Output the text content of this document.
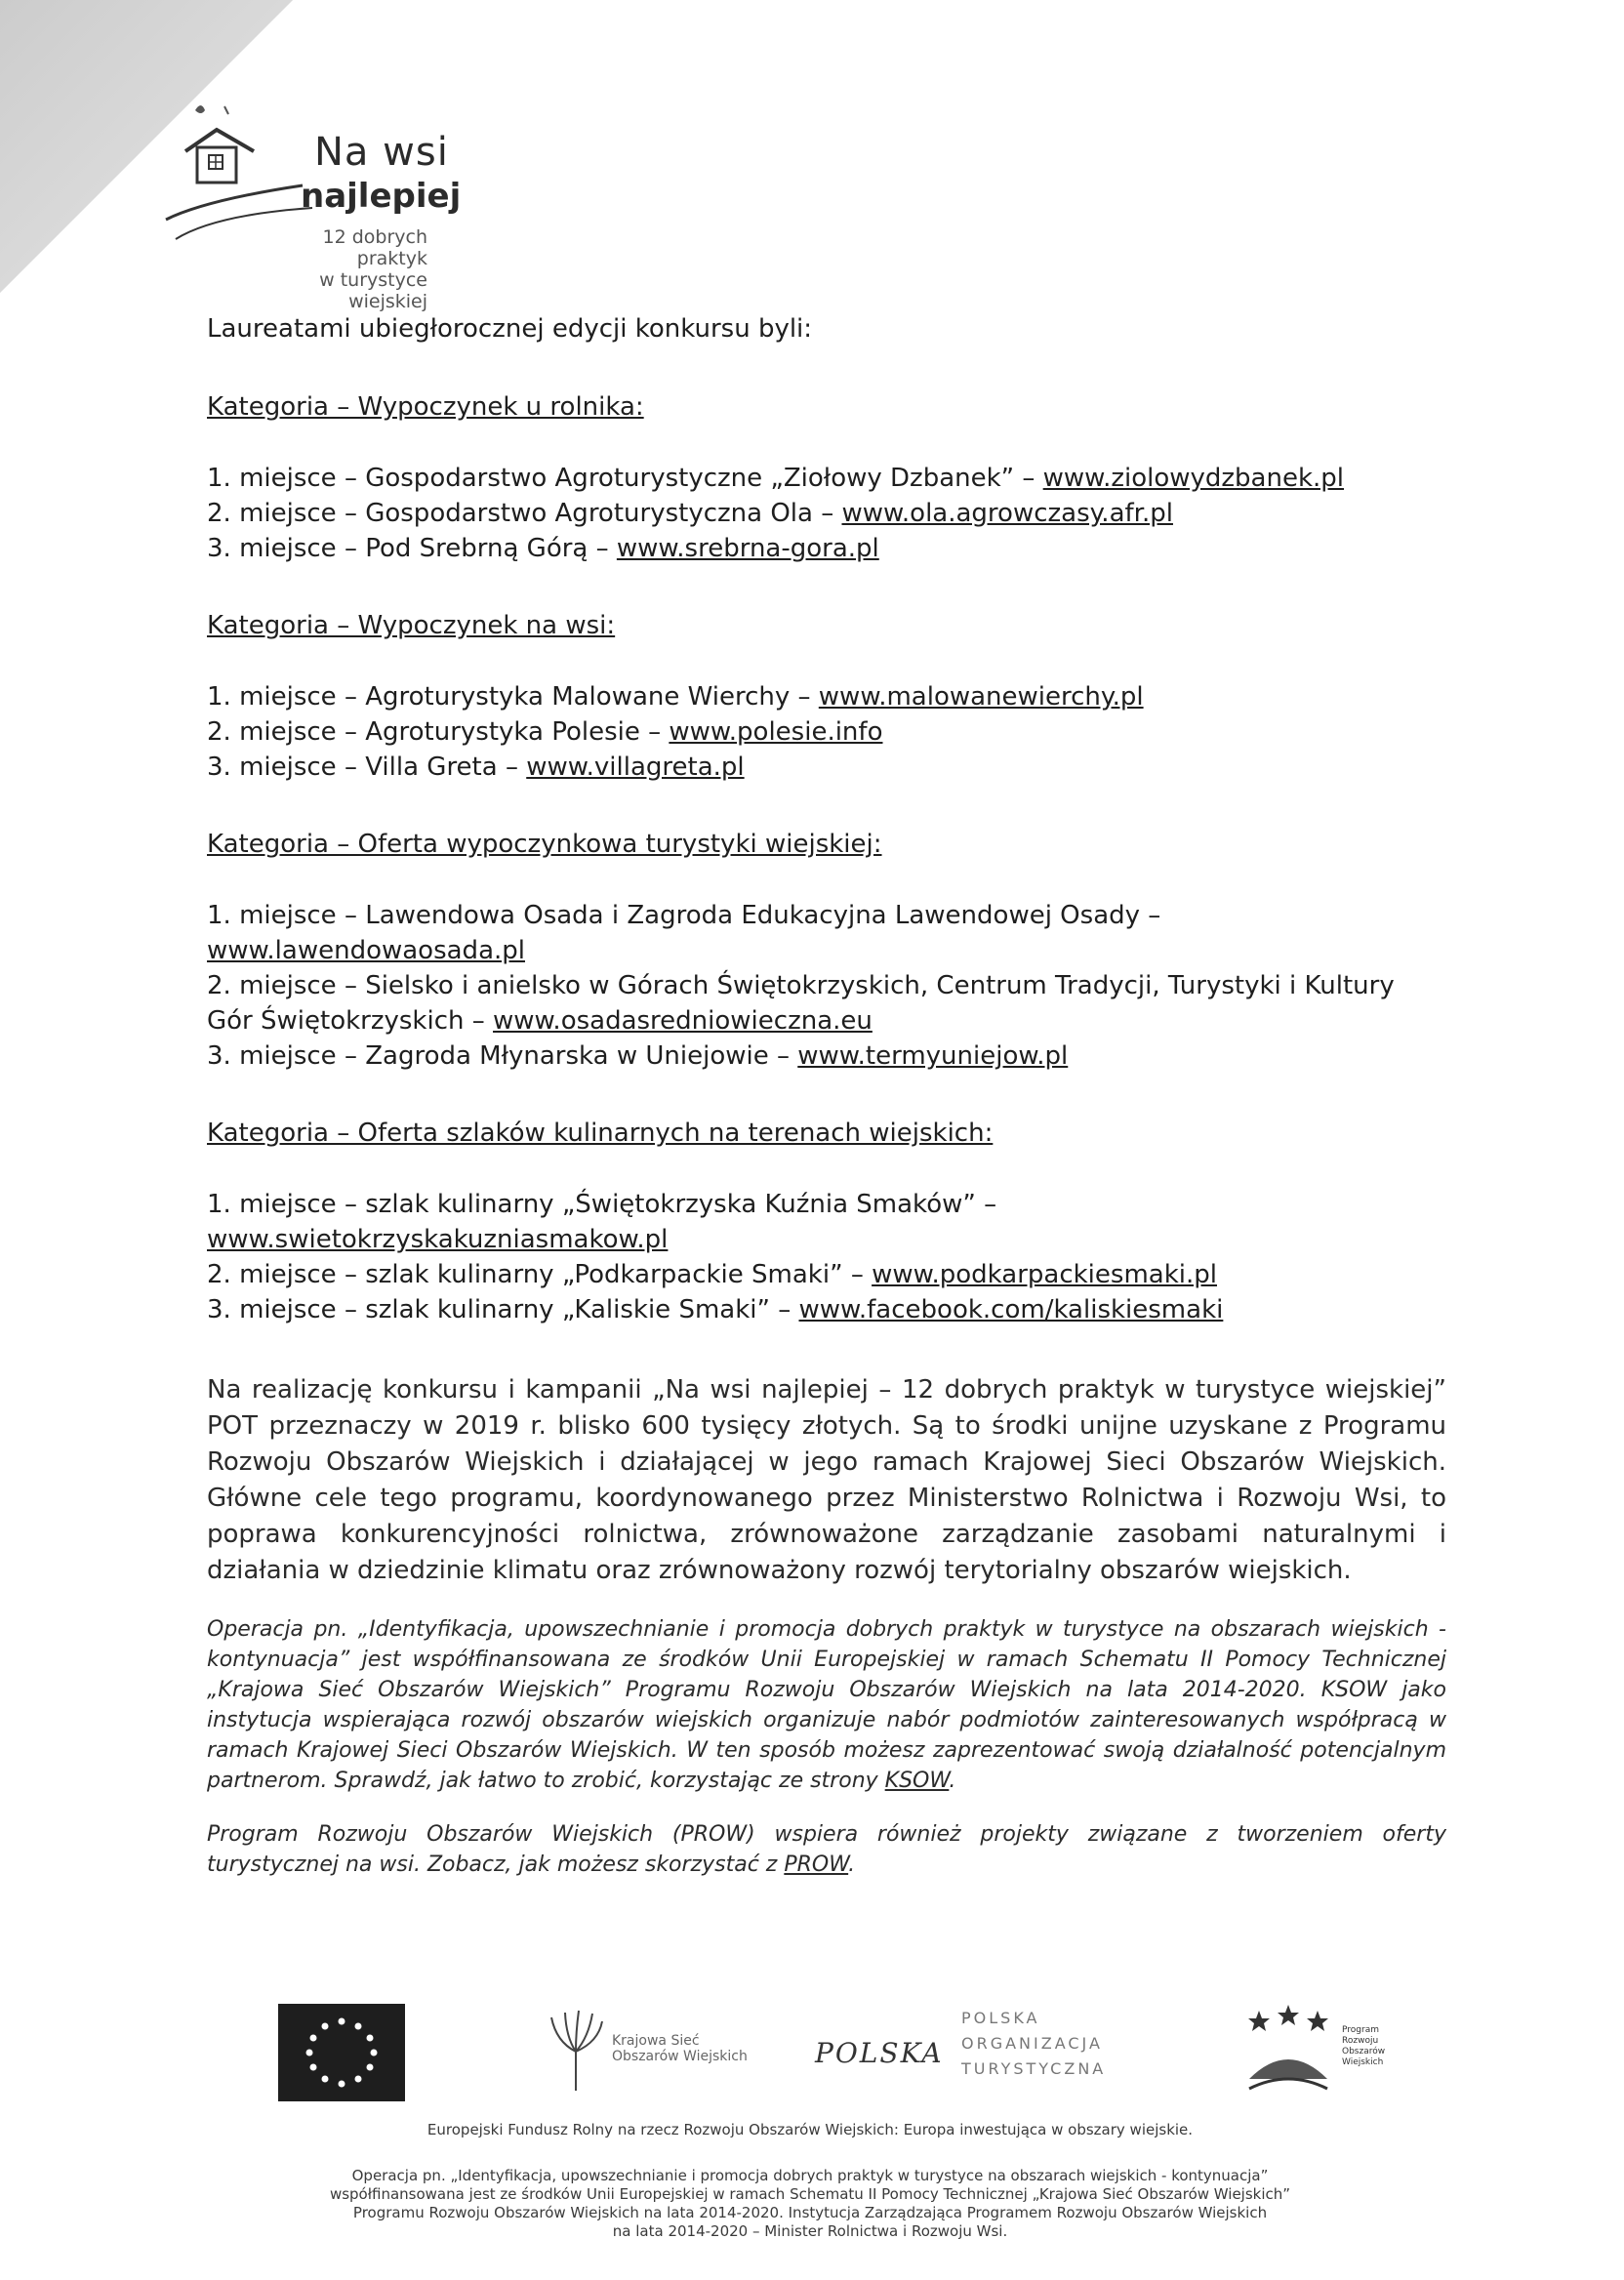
Na wsi
najlepiej
12 dobrych praktyk
w turystyce wiejskiej

Laureatami ubiegłorocznej edycji konkursu byli:

Kategoria – Wypoczynek u rolnika:

1. miejsce – Gospodarstwo Agroturystyczne „Ziołowy Dzbanek” – www.ziolowydzbanek.pl
2. miejsce – Gospodarstwo Agroturystyczna Ola – www.ola.agrowczasy.afr.pl
3. miejsce – Pod Srebrną Górą – www.srebrna-gora.pl

Kategoria – Wypoczynek na wsi:

1. miejsce – Agroturystyka Malowane Wierchy – www.malowanewierchy.pl
2. miejsce – Agroturystyka Polesie – www.polesie.info
3. miejsce – Villa Greta – www.villagreta.pl

Kategoria – Oferta wypoczynkowa turystyki wiejskiej:

1. miejsce – Lawendowa Osada i Zagroda Edukacyjna Lawendowej Osady – www.lawendowaosada.pl
2. miejsce – Sielsko i anielsko w Górach Świętokrzyskich, Centrum Tradycji, Turystyki i Kultury Gór Świętokrzyskich – www.osadasredniowieczna.eu
3. miejsce – Zagroda Młynarska w Uniejowie – www.termyuniejow.pl

Kategoria – Oferta szlaków kulinarnych na terenach wiejskich:

1. miejsce – szlak kulinarny „Świętokrzyska Kuźnia Smaków” – www.swietokrzyskakuzniasmakow.pl
2. miejsce – szlak kulinarny „Podkarpackie Smaki” – www.podkarpackiesmaki.pl
3. miejsce – szlak kulinarny „Kaliskie Smaki” – www.facebook.com/kaliskiesmaki

Na realizację konkursu i kampanii „Na wsi najlepiej – 12 dobrych praktyk w turystyce wiejskiej” POT przeznaczy w 2019 r. blisko 600 tysięcy złotych. Są to środki unijne uzyskane z Programu Rozwoju Obszarów Wiejskich i działającej w jego ramach Krajowej Sieci Obszarów Wiejskich. Główne cele tego programu, koordynowanego przez Ministerstwo Rolnictwa i Rozwoju Wsi, to poprawa konkurencyjności rolnictwa, zrównoważone zarządzanie zasobami naturalnymi i działania w dziedzinie klimatu oraz zrównoważony rozwój terytorialny obszarów wiejskich.

Operacja pn. „Identyfikacja, upowszechnianie i promocja dobrych praktyk w turystyce na obszarach wiejskich - kontynuacja” jest współfinansowana ze środków Unii Europejskiej w ramach Schematu II Pomocy Technicznej „Krajowa Sieć Obszarów Wiejskich” Programu Rozwoju Obszarów Wiejskich na lata 2014-2020. KSOW jako instytucja wspierająca rozwój obszarów wiejskich organizuje nabór podmiotów zainteresowanych współpracą w ramach Krajowej Sieci Obszarów Wiejskich. W ten sposób możesz zaprezentować swoją działalność potencjalnym partnerom. Sprawdź, jak łatwo to zrobić, korzystając ze strony KSOW.

Program Rozwoju Obszarów Wiejskich (PROW) wspiera również projekty związane z tworzeniem oferty turystycznej na wsi. Zobacz, jak możesz skorzystać z PROW.

Krajowa Sieć
Obszarów Wiejskich POLSKA
POLSKA
ORGANIZACJA
TURYSTYCZNA
Program
Rozwoju
Obszarów
Wiejskich
Europejski Fundusz Rolny na rzecz Rozwoju Obszarów Wiejskich: Europa inwestująca w obszary wiejskie.
Operacja pn. „Identyfikacja, upowszechnianie i promocja dobrych praktyk w turystyce na obszarach wiejskich - kontynuacja”
współfinansowana jest ze środków Unii Europejskiej w ramach Schematu II Pomocy Technicznej „Krajowa Sieć Obszarów Wiejskich”
Programu Rozwoju Obszarów Wiejskich na lata 2014-2020. Instytucja Zarządzająca Programem Rozwoju Obszarów Wiejskich
na lata 2014-2020 – Minister Rolnictwa i Rozwoju Wsi.
